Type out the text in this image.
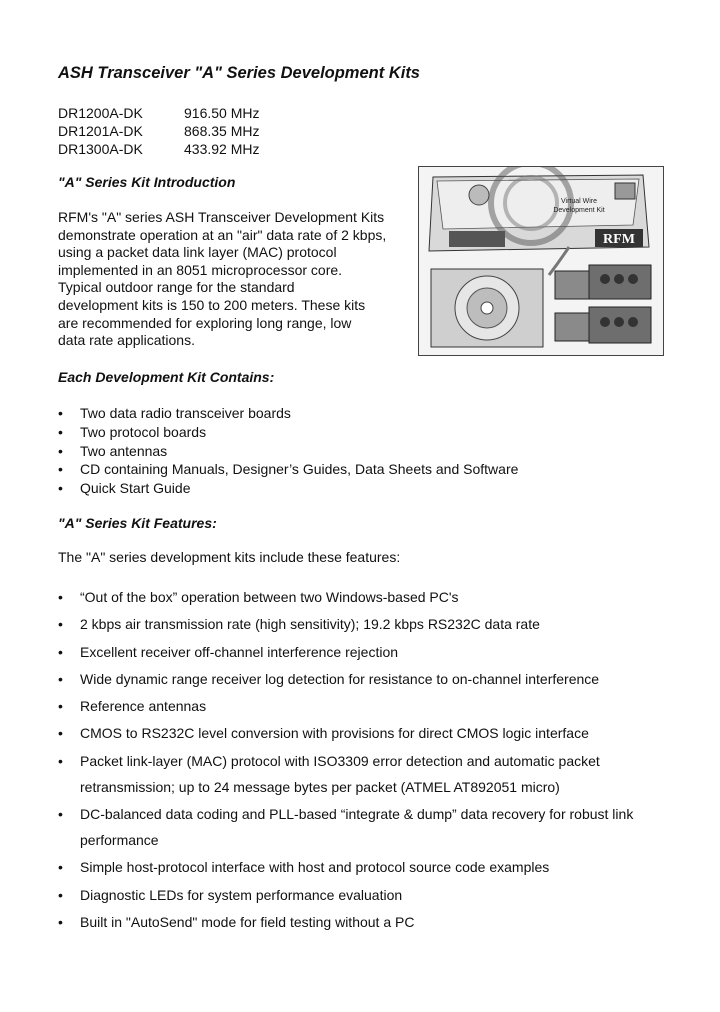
ASH Transceiver "A" Series Development Kits
DR1200A-DK	916.50 MHz
DR1201A-DK	868.35 MHz
DR1300A-DK	433.92 MHz
"A" Series Kit Introduction

RFM's "A" series ASH Transceiver Development Kits
demonstrate operation at an "air" data rate of 2 kbps,
using a packet data link layer (MAC) protocol
implemented in an 8051 microprocessor core.
Typical outdoor range for the standard
development kits is 150 to 200 meters. These kits
are recommended for exploring long range, low
data rate applications.

Virtual Wire
Development Kit
RFM
Each Development Kit Contains:
• Two data radio transceiver boards
• Two protocol boards
• Two antennas
• CD containing Manuals, Designer’s Guides, Data Sheets and Software
• Quick Start Guide
"A" Series Kit Features:

The "A" series development kits include these features:

• “Out of the box” operation between two Windows-based PC's
• 2 kbps air transmission rate (high sensitivity); 19.2 kbps RS232C data rate
• Excellent receiver off-channel interference rejection
• Wide dynamic range receiver log detection for resistance to on-channel interference
• Reference antennas
• CMOS to RS232C level conversion with provisions for direct CMOS logic interface
• Packet link-layer (MAC) protocol with ISO3309 error detection and automatic packet
retransmission; up to 24 message bytes per packet (ATMEL AT892051 micro)
• DC-balanced data coding and PLL-based “integrate & dump” data recovery for robust link
performance
• Simple host-protocol interface with host and protocol source code examples
• Diagnostic LEDs for system performance evaluation
• Built in "AutoSend" mode for field testing without a PC
